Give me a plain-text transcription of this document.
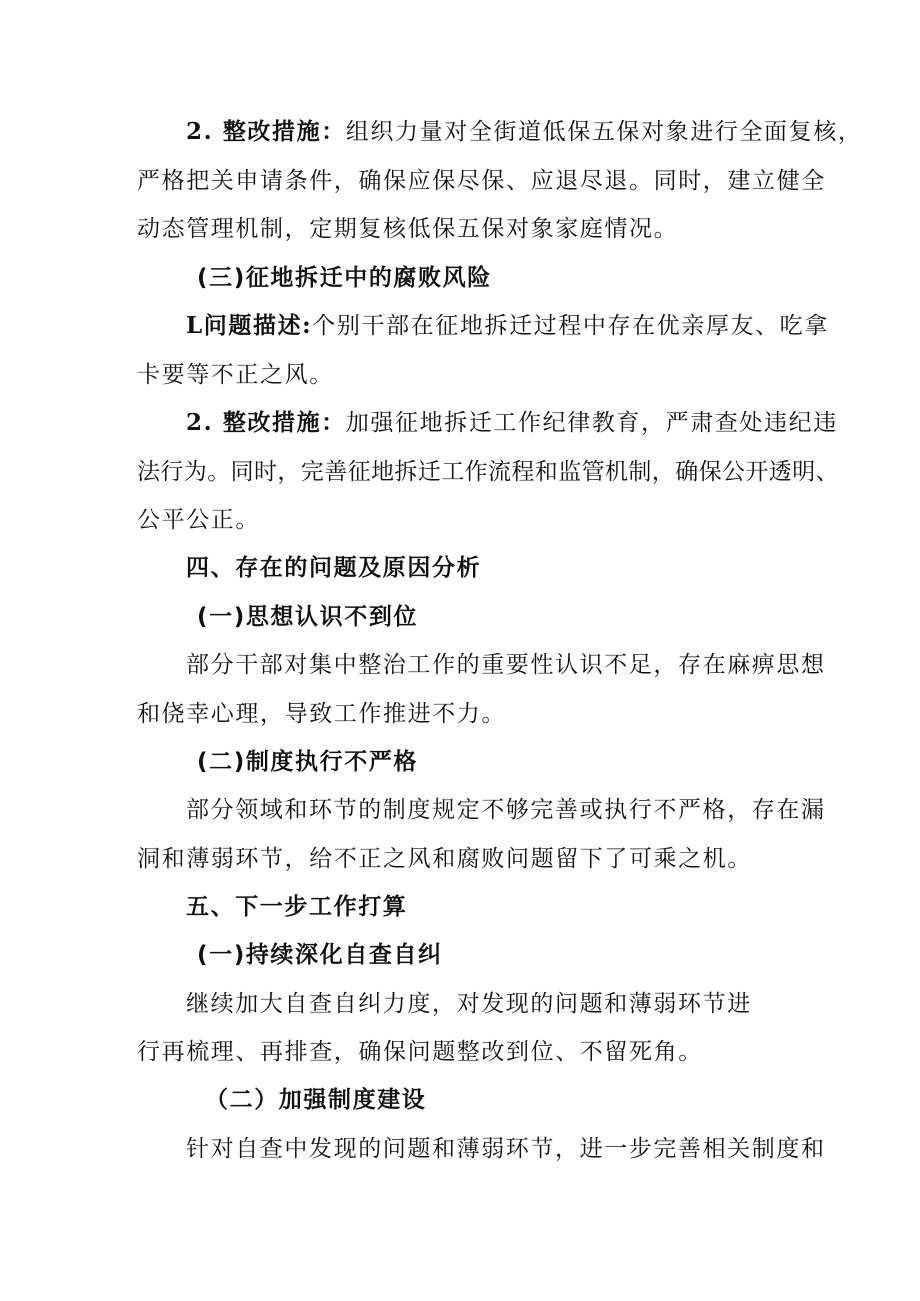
2. 整改措施：组织力量对全街道低保五保对象进行全面复核，
严格把关申请条件，确保应保尽保、应退尽退。同时，建立健全
动态管理机制，定期复核低保五保对象家庭情况。
(三)征地拆迁中的腐败风险
L问题描述:个别干部在征地拆迁过程中存在优亲厚友、吃拿
卡要等不正之风。
2. 整改措施：加强征地拆迁工作纪律教育，严肃查处违纪违
法行为。同时，完善征地拆迁工作流程和监管机制，确保公开透明、
公平公正。
四、存在的问题及原因分析
(一)思想认识不到位
部分干部对集中整治工作的重要性认识不足，存在麻痹思想
和侥幸心理，导致工作推进不力。
(二)制度执行不严格
部分领域和环节的制度规定不够完善或执行不严格，存在漏
洞和薄弱环节，给不正之风和腐败问题留下了可乘之机。
五、下一步工作打算
(一)持续深化自查自纠
继续加大自查自纠力度，对发现的问题和薄弱环节进
行再梳理、再排查，确保问题整改到位、不留死角。
（二）加强制度建设
针对自查中发现的问题和薄弱环节，进一步完善相关制度和
